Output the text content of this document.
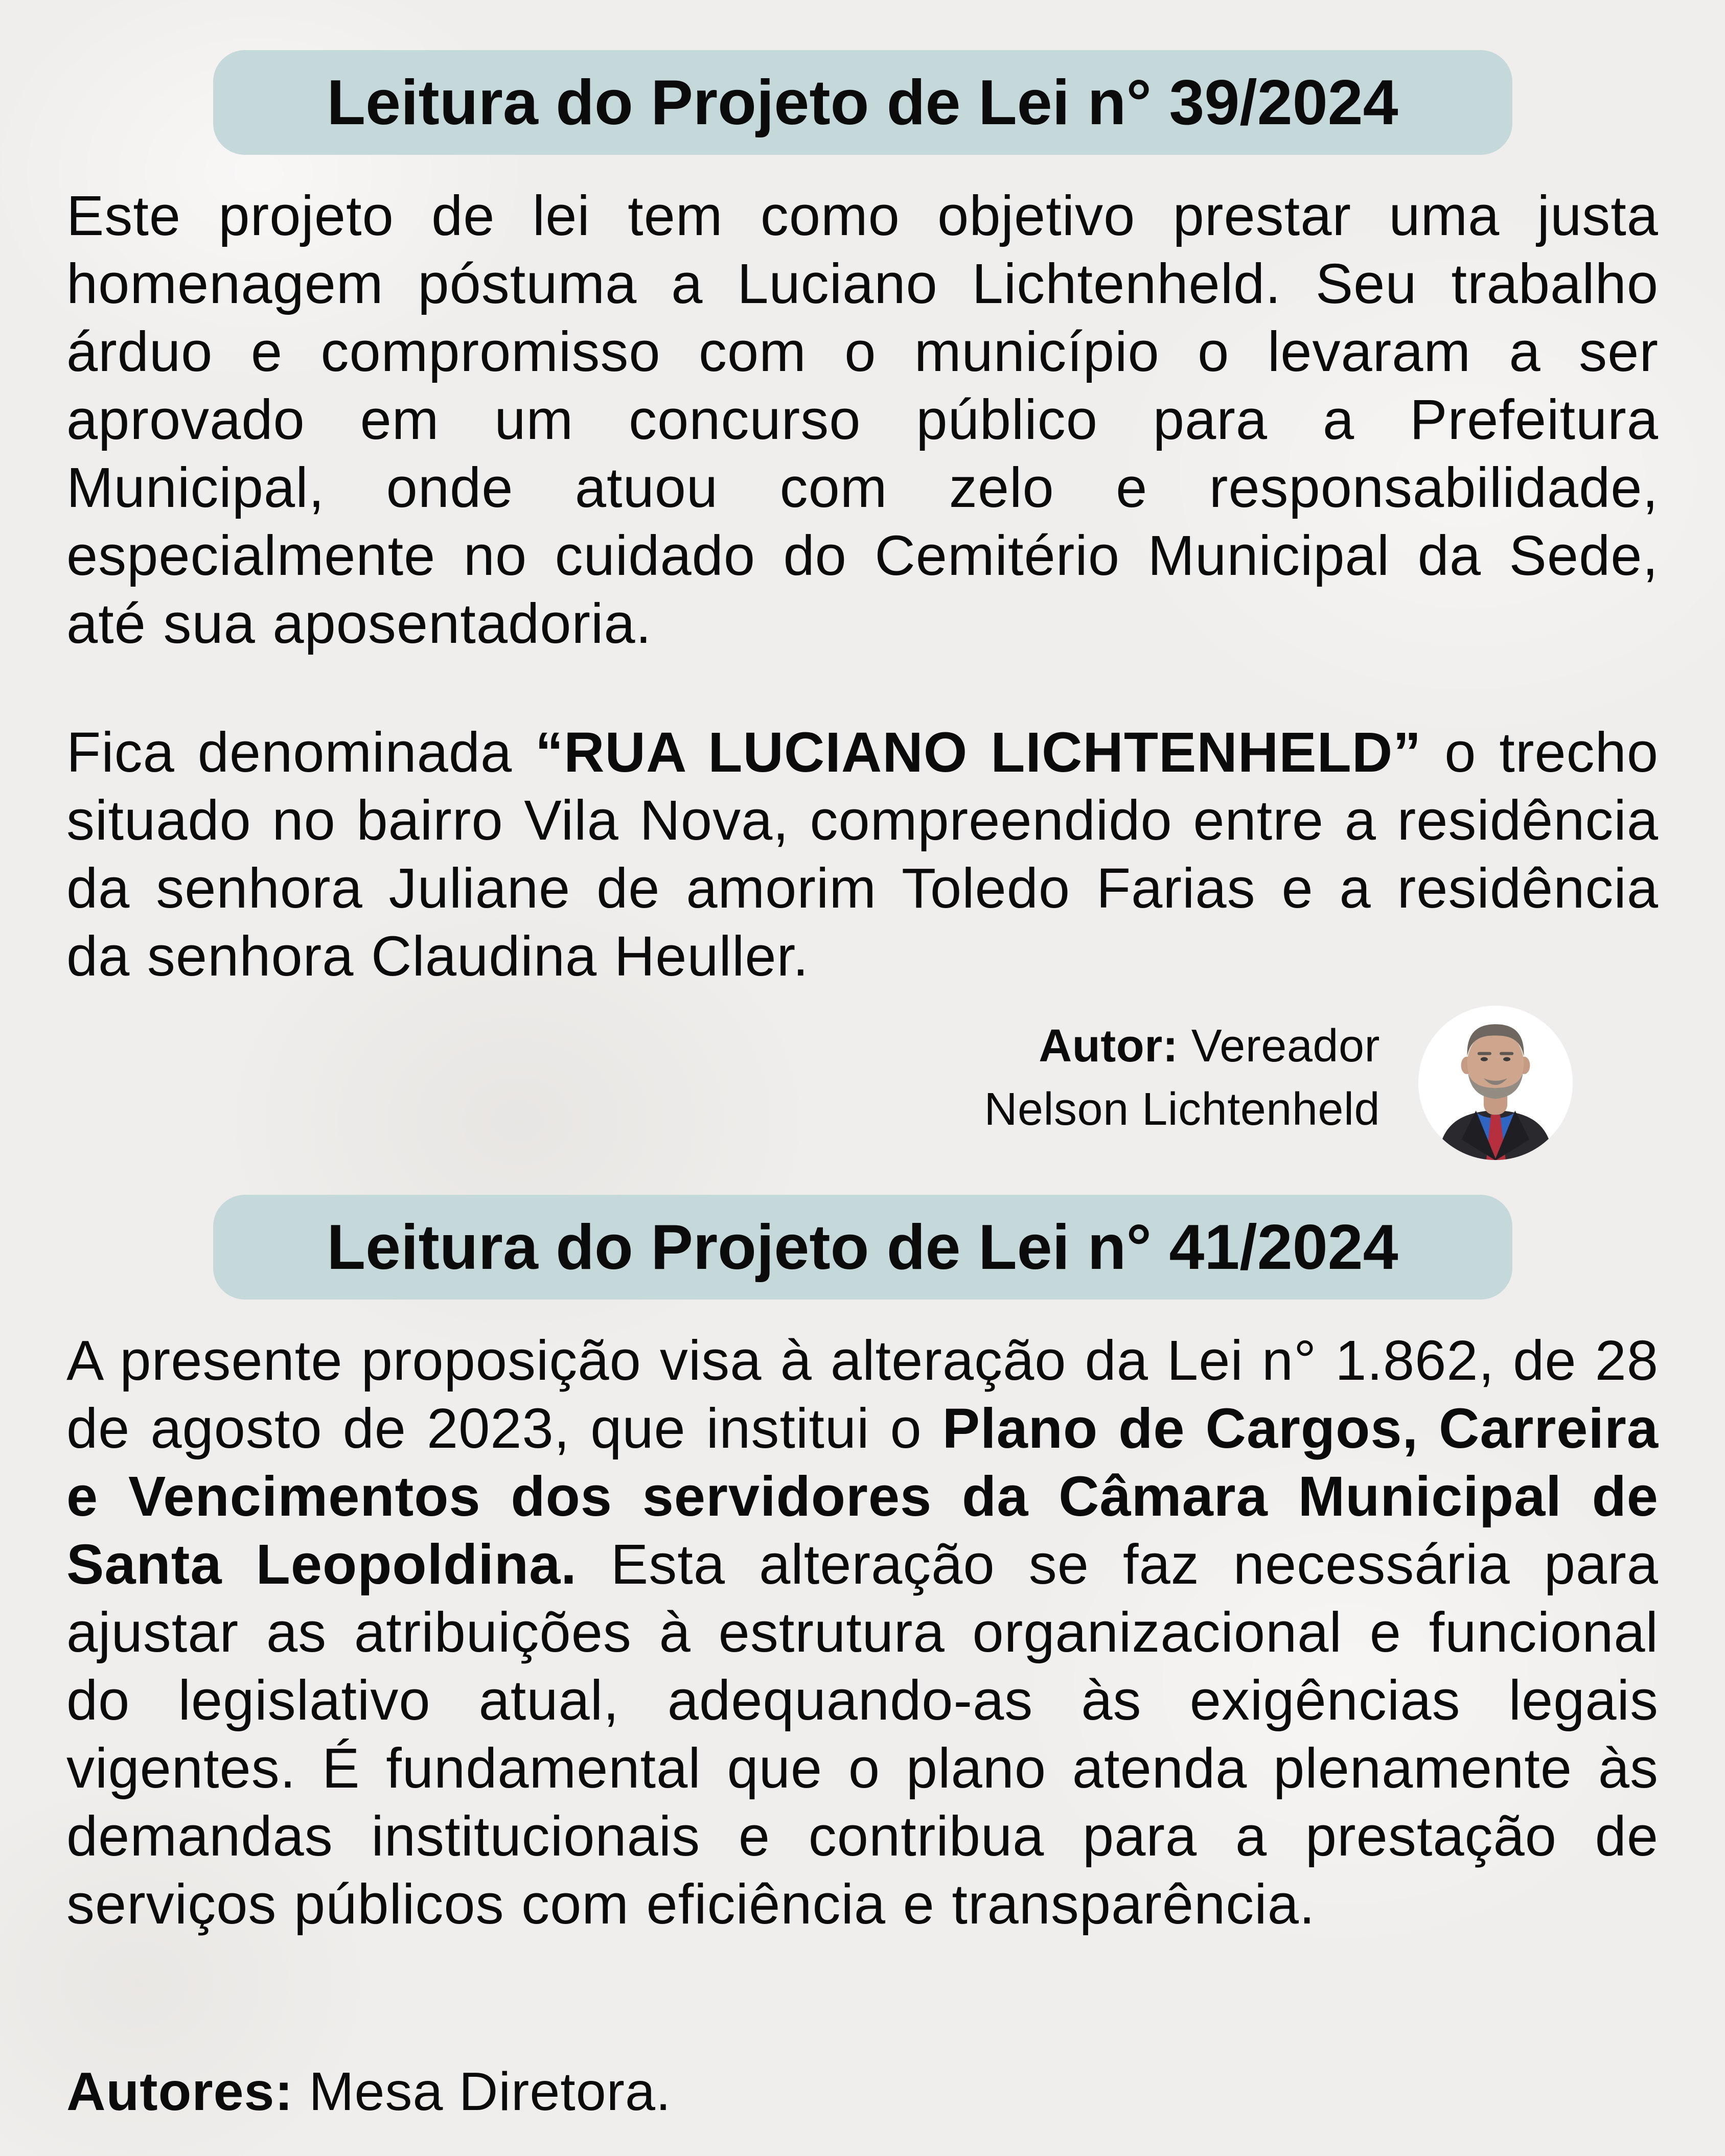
Leitura do Projeto de Lei n° 39/2024

Este projeto de lei tem como objetivo prestar uma justa homenagem póstuma a Luciano Lichtenheld. Seu trabalho árduo e compromisso com o município o levaram a ser aprovado em um concurso público para a Prefeitura Municipal, onde atuou com zelo e responsabilidade, especialmente no cuidado do Cemitério Municipal da Sede, até sua aposentadoria.

Fica denominada “RUA LUCIANO LICHTENHELD” o trecho situado no bairro Vila Nova, compreendido entre a residência da senhora Juliane de amorim Toledo Farias e a residência da senhora Claudina Heuller.

Autor: Vereador
Nelson Lichtenheld
Leitura do Projeto de Lei n° 41/2024

A presente proposição visa à alteração da Lei n° 1.862, de 28 de agosto de 2023, que institui o Plano de Cargos, Carreira e Vencimentos dos servidores da Câmara Municipal de Santa Leopoldina. Esta alteração se faz necessária para ajustar as atribuições à estrutura organizacional e funcional do legislativo atual, adequando-as às exigências legais vigentes. É fundamental que o plano atenda plenamente às demandas institucionais e contribua para a prestação de serviços públicos com eficiência e transparência.

Autores: Mesa Diretora.
